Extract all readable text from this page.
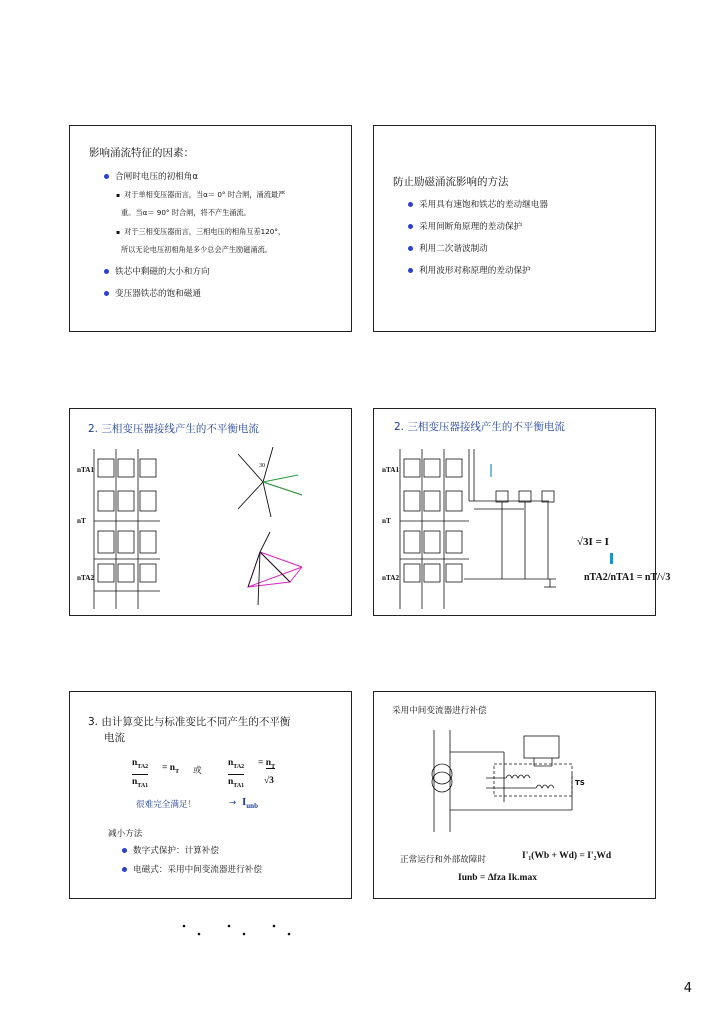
影响涌流特征的因素：
合闸时电压的初相角α
▪ 对于单相变压器而言，当α＝ 0° 时合闸，涌流最严
重。当α＝ 90° 时合闸，将不产生涌流。
▪ 对于三相变压器而言，三相电压的相角互差120°，
所以无论电压初相角是多少总会产生励磁涌流。
铁芯中剩磁的大小和方向
变压器铁芯的饱和磁通
防止励磁涌流影响的方法
采用具有速饱和铁芯的差动继电器
采用间断角原理的差动保护
利用二次谐波制动
利用波形对称原理的差动保护
2. 三相变压器接线产生的不平衡电流
nTA1
nT
nTA2
30
2. 三相变压器接线产生的不平衡电流
nTA1
nT
nTA2
√3I = I
nTA2/nTA1 = nT/√3
3. 由计算变比与标准变比不同产生的不平衡
电流
$n_{TA2}$
$n_{TA1}$
= $n_T$ 或
$n_{TA2}$
$n_{TA1}$
= $n_T$
√3
很难完全满足！	→ $I_{unb}$
减小方法
数字式保护：计算补偿
电磁式：采用中间变流器进行补偿
采用中间变流器进行补偿
TS
正常运行和外部故障时	I'₁(Wb + Wd) = I'₂Wd
Iunb = Δfza Ik.max
4
